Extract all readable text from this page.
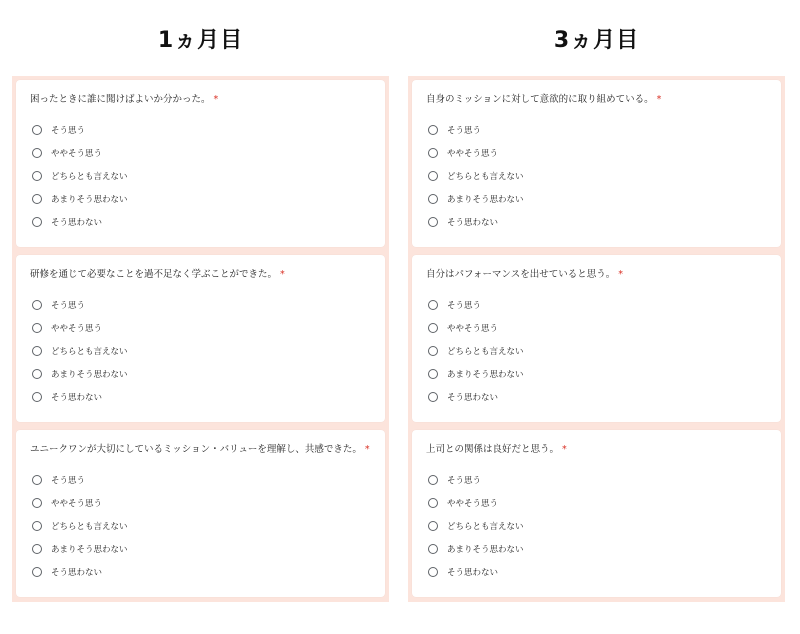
1ヵ月目
困ったときに誰に聞けばよいか分かった。 *
そう思う
ややそう思う
どちらとも言えない
あまりそう思わない
そう思わない
研修を通じて必要なことを過不足なく学ぶことができた。 *
そう思う
ややそう思う
どちらとも言えない
あまりそう思わない
そう思わない
ユニークワンが大切にしているミッション・バリューを理解し、共感できた。 *
そう思う
ややそう思う
どちらとも言えない
あまりそう思わない
そう思わない
3ヵ月目
自身のミッションに対して意欲的に取り組めている。 *
そう思う
ややそう思う
どちらとも言えない
あまりそう思わない
そう思わない
自分はパフォーマンスを出せていると思う。 *
そう思う
ややそう思う
どちらとも言えない
あまりそう思わない
そう思わない
上司との関係は良好だと思う。 *
そう思う
ややそう思う
どちらとも言えない
あまりそう思わない
そう思わない
